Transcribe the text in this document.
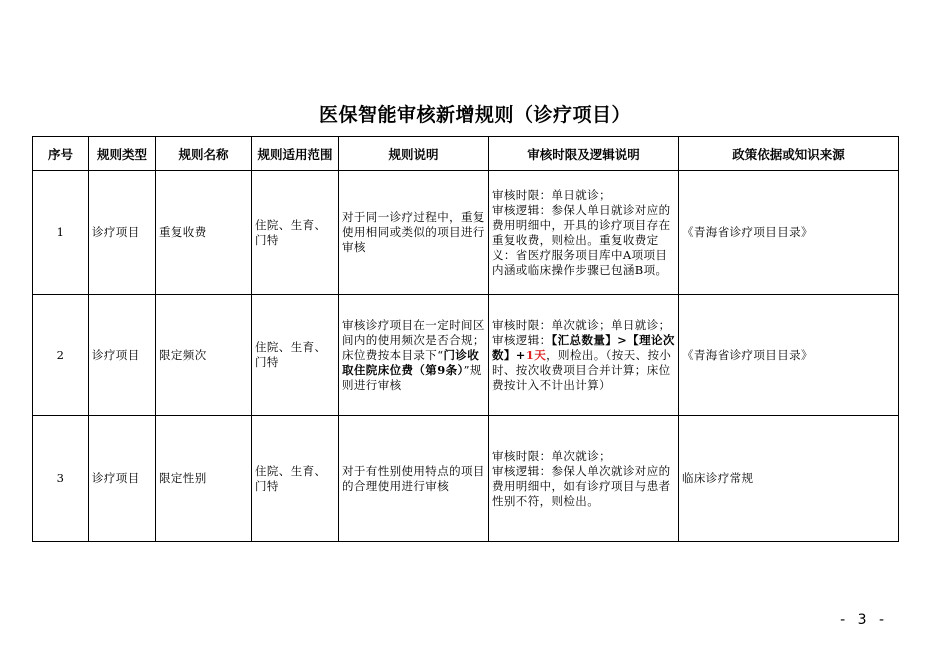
医保智能审核新增规则（诊疗项目）
序号	规则类型	规则名称	规则适用范围	规则说明	审核时限及逻辑说明	政策依据或知识来源
1	诊疗项目	重复收费	住院、生育、门特	对于同一诊疗过程中，重复使用相同或类似的项目进行审核	审核时限：单日就诊；
审核逻辑：参保人单日就诊对应的费用明细中，开具的诊疗项目存在重复收费，则检出。重复收费定义：省医疗服务项目库中A项项目内涵或临床操作步骤已包涵B项。	《青海省诊疗项目目录》
2	诊疗项目	限定频次	住院、生育、门特	审核诊疗项目在一定时间区间内的使用频次是否合规；床位费按本目录下“门诊收取住院床位费（第9条）”规则进行审核	审核时限：单次就诊；单日就诊；
审核逻辑：【汇总数量】>【理论次数】+1天，则检出。（按天、按小时、按次收费项目合并计算；床位费按计入不计出计算）	《青海省诊疗项目目录》
3	诊疗项目	限定性别	住院、生育、门特	对于有性别使用特点的项目的合理使用进行审核	审核时限：单次就诊；
审核逻辑：参保人单次就诊对应的费用明细中，如有诊疗项目与患者性别不符，则检出。	临床诊疗常规
- 3 -
